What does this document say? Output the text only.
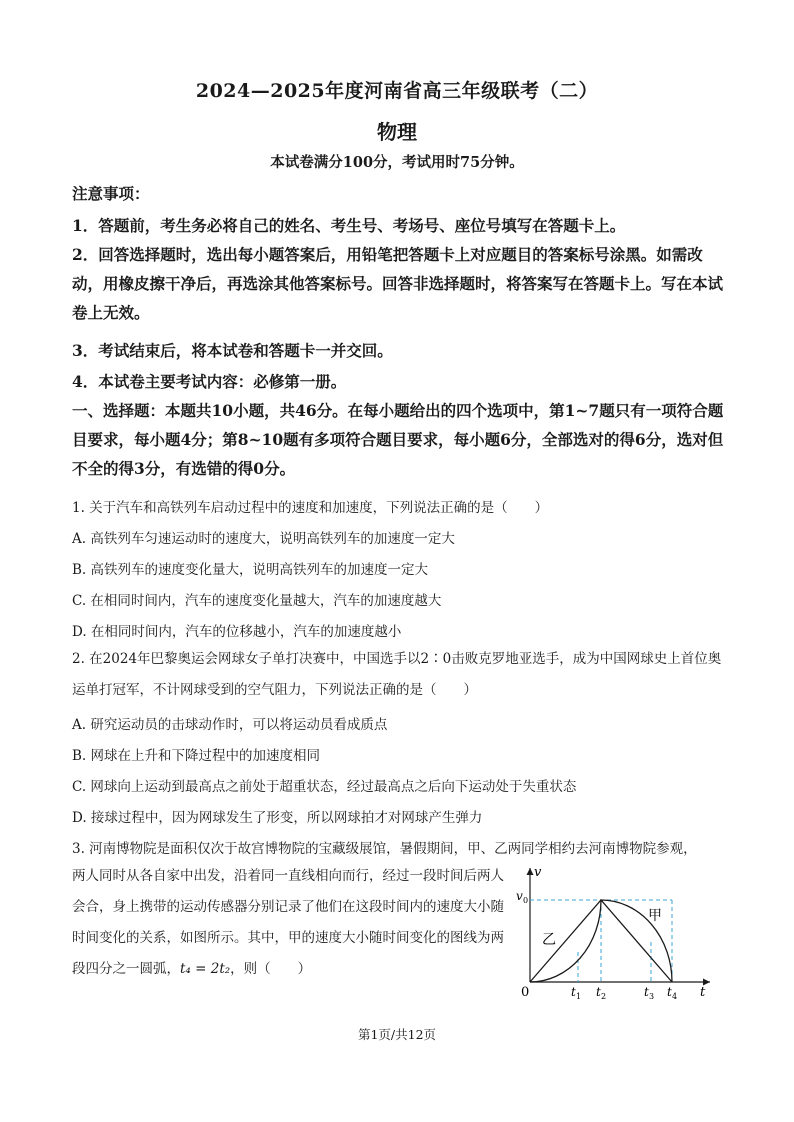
2024—2025年度河南省高三年级联考（二）
物理
本试卷满分100分，考试用时75分钟。
注意事项：
1．答题前，考生务必将自己的姓名、考生号、考场号、座位号填写在答题卡上。
2．回答选择题时，选出每小题答案后，用铅笔把答题卡上对应题目的答案标号涂黑。如需改动，用橡皮擦干净后，再选涂其他答案标号。回答非选择题时，将答案写在答题卡上。写在本试卷上无效。
3．考试结束后，将本试卷和答题卡一并交回。
4．本试卷主要考试内容：必修第一册。
一、选择题：本题共10小题，共46分。在每小题给出的四个选项中，第1~7题只有一项符合题目要求，每小题4分；第8~10题有多项符合题目要求，每小题6分，全部选对的得6分，选对但不全的得3分，有选错的得0分。
1. 关于汽车和高铁列车启动过程中的速度和加速度，下列说法正确的是（　　）
A. 高铁列车匀速运动时的速度大，说明高铁列车的加速度一定大
B. 高铁列车的速度变化量大，说明高铁列车的加速度一定大
C. 在相同时间内，汽车的速度变化量越大，汽车的加速度越大
D. 在相同时间内，汽车的位移越小，汽车的加速度越小
2. 在2024年巴黎奥运会网球女子单打决赛中，中国选手以2∶0击败克罗地亚选手，成为中国网球史上首位奥运单打冠军，不计网球受到的空气阻力，下列说法正确的是（　　）
A. 研究运动员的击球动作时，可以将运动员看成质点
B. 网球在上升和下降过程中的加速度相同
C. 网球向上运动到最高点之前处于超重状态，经过最高点之后向下运动处于失重状态
D. 接球过程中，因为网球发生了形变，所以网球拍才对网球产生弹力
3. 河南博物院是面积仅次于故宫博物院的宝藏级展馆，暑假期间，甲、乙两同学相约去河南博物院参观，
两人同时从各自家中出发，沿着同一直线相向而行，经过一段时间后两人会合，身上携带的运动传感器分别记录了他们在这段时间内的速度大小随时间变化的关系，如图所示。其中，甲的速度大小随时间变化的图线为两段四分之一圆弧，t₄ = 2t₂，则（　　）
v
t
0
v 0
乙
甲
t 1 t 2	t 3 t 4
第1页/共12页
